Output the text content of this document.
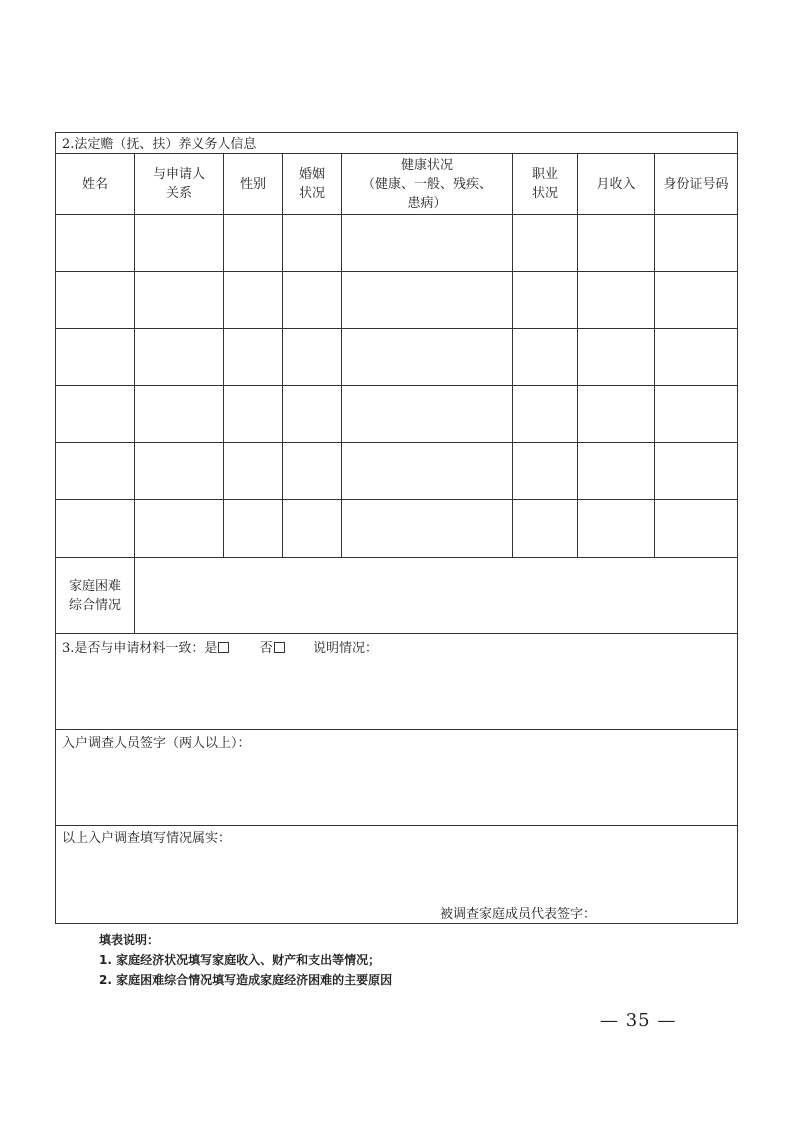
2.法定赡（抚、扶）养义务人信息
姓名
与申请人
关系
性别
婚姻
状况
健康状况
（健康、一般、残疾、
患病）
职业
状况
月收入 身份证号码
家庭困难
综合情况
3.是否与申请材料一致：是	否	说明情况：
入户调查人员签字（两人以上）：
以上入户调查填写情况属实：
被调查家庭成员代表签字：
填表说明：
1. 家庭经济状况填写家庭收入、财产和支出等情况；
2. 家庭困难综合情况填写造成家庭经济困难的主要原因
— 35 —
